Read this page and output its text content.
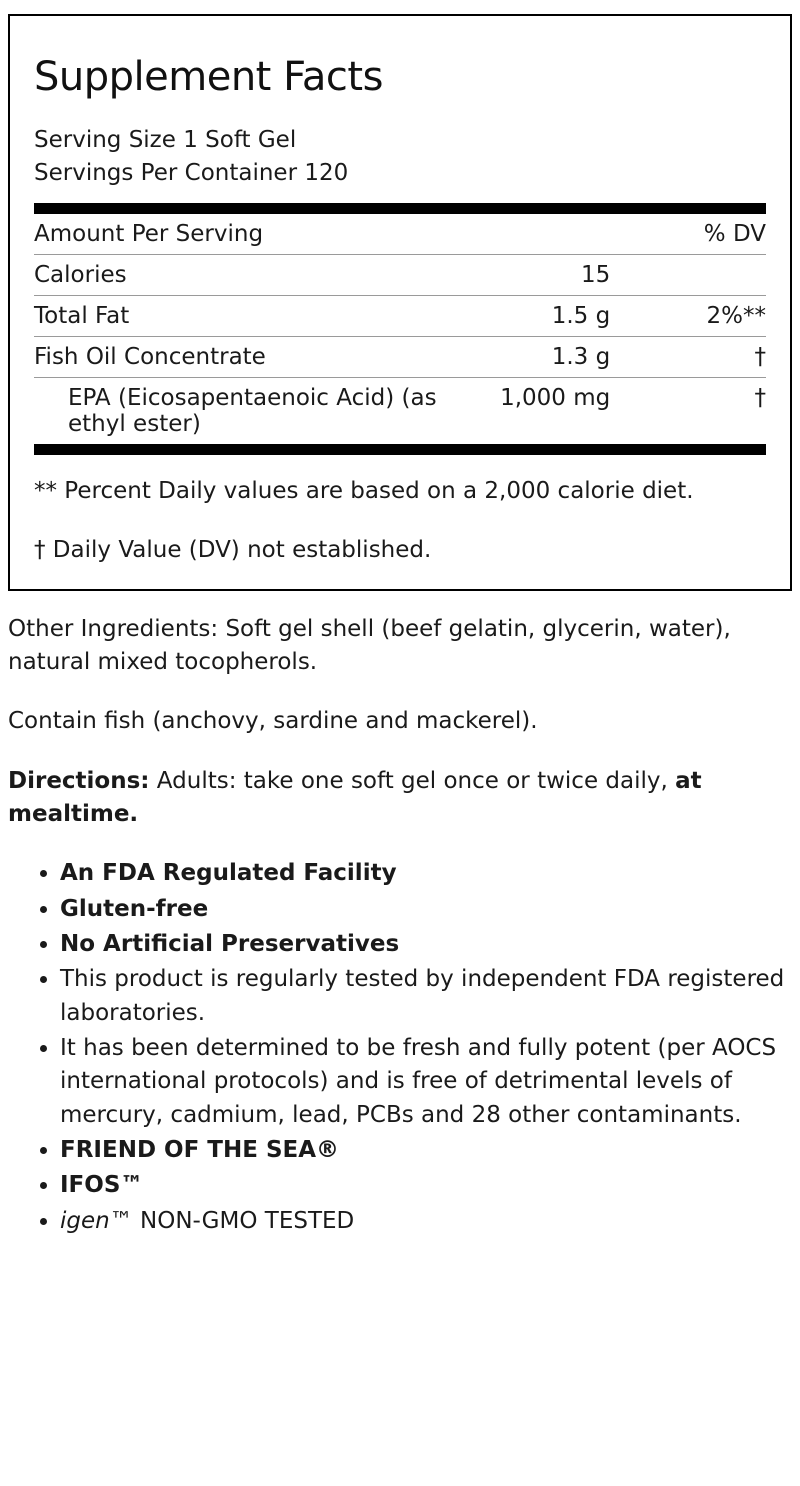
Supplement Facts
Serving Size 1 Soft Gel
Servings Per Container 120
Amount Per Serving		% DV
Calories	15	
Total Fat	1.5 g	2%**
Fish Oil Concentrate	1.3 g	†
EPA (Eicosapentaenoic Acid) (as ethyl ester)	1,000 mg	†
** Percent Daily values are based on a 2,000 calorie diet.
† Daily Value (DV) not established.

Other Ingredients: Soft gel shell (beef gelatin, glycerin, water), natural mixed tocopherols.

Contain fish (anchovy, sardine and mackerel).

Directions: Adults: take one soft gel once or twice daily, at mealtime.

• An FDA Regulated Facility
• Gluten-free
• No Artificial Preservatives
• This product is regularly tested by independent FDA registered laboratories.
• It has been determined to be fresh and fully potent (per AOCS international protocols) and is free of detrimental levels of mercury, cadmium, lead, PCBs and 28 other contaminants.
• FRIEND OF THE SEA®
• IFOS™
• igen™ NON-GMO TESTED
